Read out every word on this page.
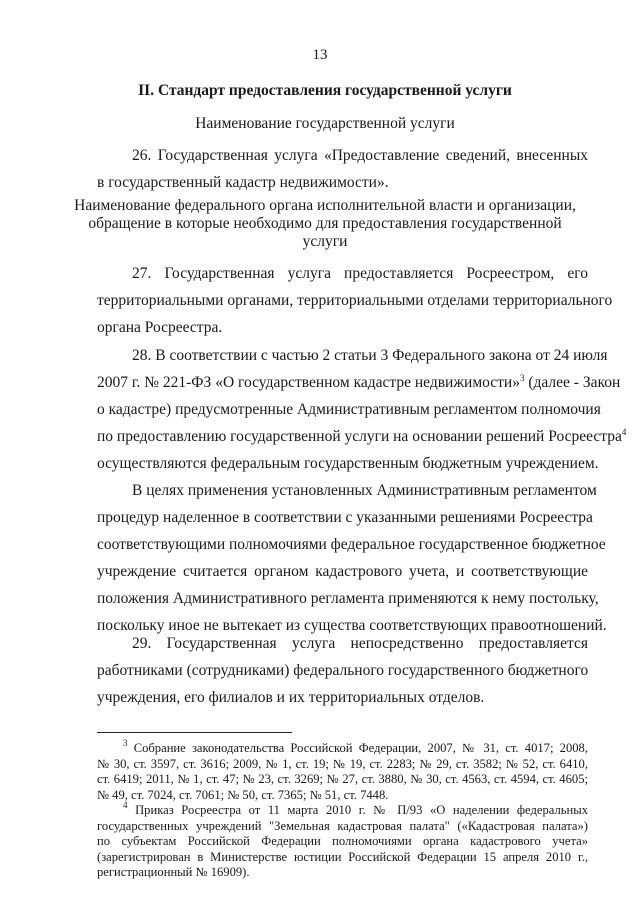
13
II. Стандарт предоставления государственной услуги
Наименование государственной услуги
26. Государственная услуга «Предоставление сведений, внесенных
в государственный кадастр недвижимости».
Наименование федерального органа исполнительной власти и организации,
обращение в которые необходимо для предоставления государственной
услуги
27. Государственная услуга предоставляется Росреестром, его
территориальными органами, территориальными отделами территориального
органа Росреестра.
28. В соответствии с частью 2 статьи 3 Федерального закона от 24 июля
2007 г. № 221-ФЗ «О государственном кадастре недвижимости»$^3$ (далее - Закон
о кадастре) предусмотренные Административным регламентом полномочия
по предоставлению государственной услуги на основании решений Росреестра$^4$
осуществляются федеральным государственным бюджетным учреждением.
В целях применения установленных Административным регламентом
процедур наделенное в соответствии с указанными решениями Росреестра
соответствующими полномочиями федеральное государственное бюджетное
учреждение считается органом кадастрового учета, и соответствующие
положения Административного регламента применяются к нему постольку,
поскольку иное не вытекает из существа соответствующих правоотношений.
29. Государственная услуга непосредственно предоставляется
работниками (сотрудниками) федерального государственного бюджетного
учреждения, его филиалов и их территориальных отделов.
$^3$ Собрание законодательства Российской Федерации, 2007, № 31, ст. 4017; 2008,
№ 30, ст. 3597, ст. 3616; 2009, № 1, ст. 19; № 19, ст. 2283; № 29, ст. 3582; № 52, ст. 6410,
ст. 6419; 2011, № 1, ст. 47; № 23, ст. 3269; № 27, ст. 3880, № 30, ст. 4563, ст. 4594, ст. 4605;
№ 49, ст. 7024, ст. 7061; № 50, ст. 7365; № 51, ст. 7448.
$^4$ Приказ Росреестра от 11 марта 2010 г. № П/93 «О наделении федеральных
государственных учреждений "Земельная кадастровая палата" («Кадастровая палата»)
по субъектам Российской Федерации полномочиями органа кадастрового учета»
(зарегистрирован в Министерстве юстиции Российской Федерации 15 апреля 2010 г.,
регистрационный № 16909).
